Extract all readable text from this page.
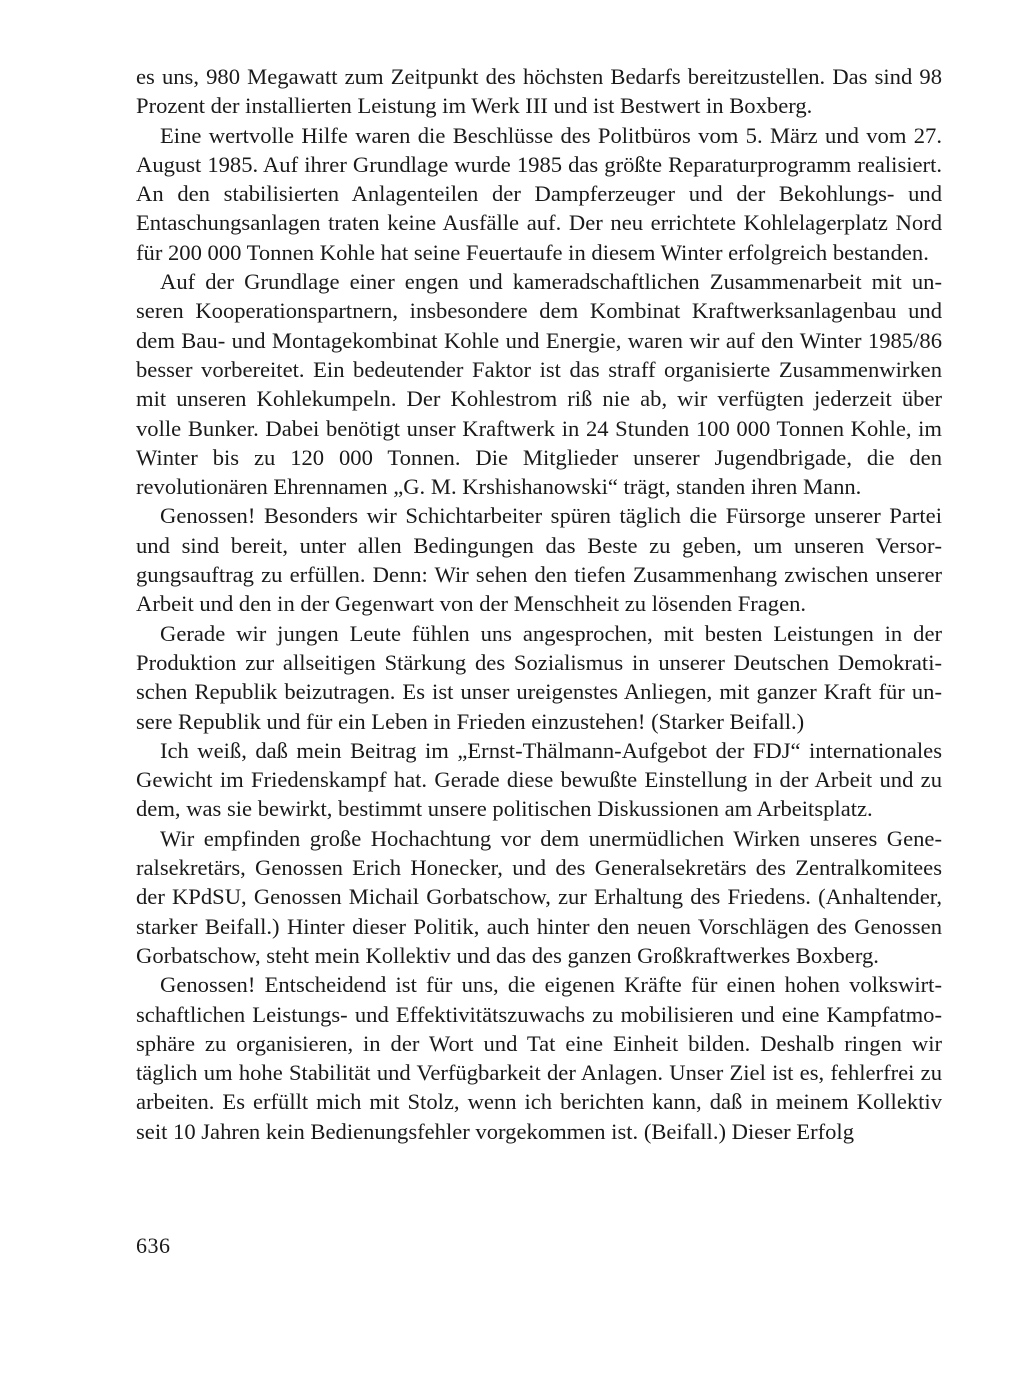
es uns, 980 Megawatt zum Zeitpunkt des höchsten Bedarfs bereitzustellen. Das sind 98 Prozent der installierten Leistung im Werk III und ist Bestwert in Boxberg.

Eine wertvolle Hilfe waren die Beschlüsse des Politbüros vom 5. März und vom 27. August 1985. Auf ihrer Grundlage wurde 1985 das größte Reparaturprogramm realisiert. An den stabilisierten Anlagenteilen der Dampferzeuger und der Bekohlungs- und Entaschungsanlagen traten keine Ausfälle auf. Der neu errichtete Kohlelagerplatz Nord für 200 000 Tonnen Kohle hat seine Feuertaufe in diesem Winter erfolgreich bestanden.

Auf der Grundlage einer engen und kameradschaftlichen Zusammenarbeit mit unseren Kooperationspartnern, insbesondere dem Kombinat Kraftwerksanlagenbau und dem Bau- und Montagekombinat Kohle und Energie, waren wir auf den Winter 1985/86 besser vorbereitet. Ein bedeutender Faktor ist das straff organisierte Zusammenwirken mit unseren Kohlekumpeln. Der Kohlestrom riß nie ab, wir verfügten jederzeit über volle Bunker. Dabei benötigt unser Kraftwerk in 24 Stunden 100 000 Tonnen Kohle, im Winter bis zu 120 000 Tonnen. Die Mitglieder unserer Jugendbrigade, die den revolutionären Ehrennamen „G. M. Krshishanowski“ trägt, standen ihren Mann.

Genossen! Besonders wir Schichtarbeiter spüren täglich die Fürsorge unserer Partei und sind bereit, unter allen Bedingungen das Beste zu geben, um unseren Versorgungsauftrag zu erfüllen. Denn: Wir sehen den tiefen Zusammenhang zwischen unserer Arbeit und den in der Gegenwart von der Menschheit zu lösenden Fragen.

Gerade wir jungen Leute fühlen uns angesprochen, mit besten Leistungen in der Produktion zur allseitigen Stärkung des Sozialismus in unserer Deutschen Demokratischen Republik beizutragen. Es ist unser ureigenstes Anliegen, mit ganzer Kraft für unsere Republik und für ein Leben in Frieden einzustehen! (Starker Beifall.)

Ich weiß, daß mein Beitrag im „Ernst-Thälmann-Aufgebot der FDJ“ internationales Gewicht im Friedenskampf hat. Gerade diese bewußte Einstellung in der Arbeit und zu dem, was sie bewirkt, bestimmt unsere politischen Diskussionen am Arbeitsplatz.

Wir empfinden große Hochachtung vor dem unermüdlichen Wirken unseres Generalsekretärs, Genossen Erich Honecker, und des Generalsekretärs des Zentralkomitees der KPdSU, Genossen Michail Gorbatschow, zur Erhaltung des Friedens. (Anhaltender, starker Beifall.) Hinter dieser Politik, auch hinter den neuen Vorschlägen des Genossen Gorbatschow, steht mein Kollektiv und das des ganzen Großkraftwerkes Boxberg.

Genossen! Entscheidend ist für uns, die eigenen Kräfte für einen hohen volkswirtschaftlichen Leistungs- und Effektivitätszuwachs zu mobilisieren und eine Kampfatmosphäre zu organisieren, in der Wort und Tat eine Einheit bilden. Deshalb ringen wir täglich um hohe Stabilität und Verfügbarkeit der Anlagen. Unser Ziel ist es, fehlerfrei zu arbeiten. Es erfüllt mich mit Stolz, wenn ich berichten kann, daß in meinem Kollektiv seit 10 Jahren kein Bedienungsfehler vorgekommen ist. (Beifall.) Dieser Erfolg

636
